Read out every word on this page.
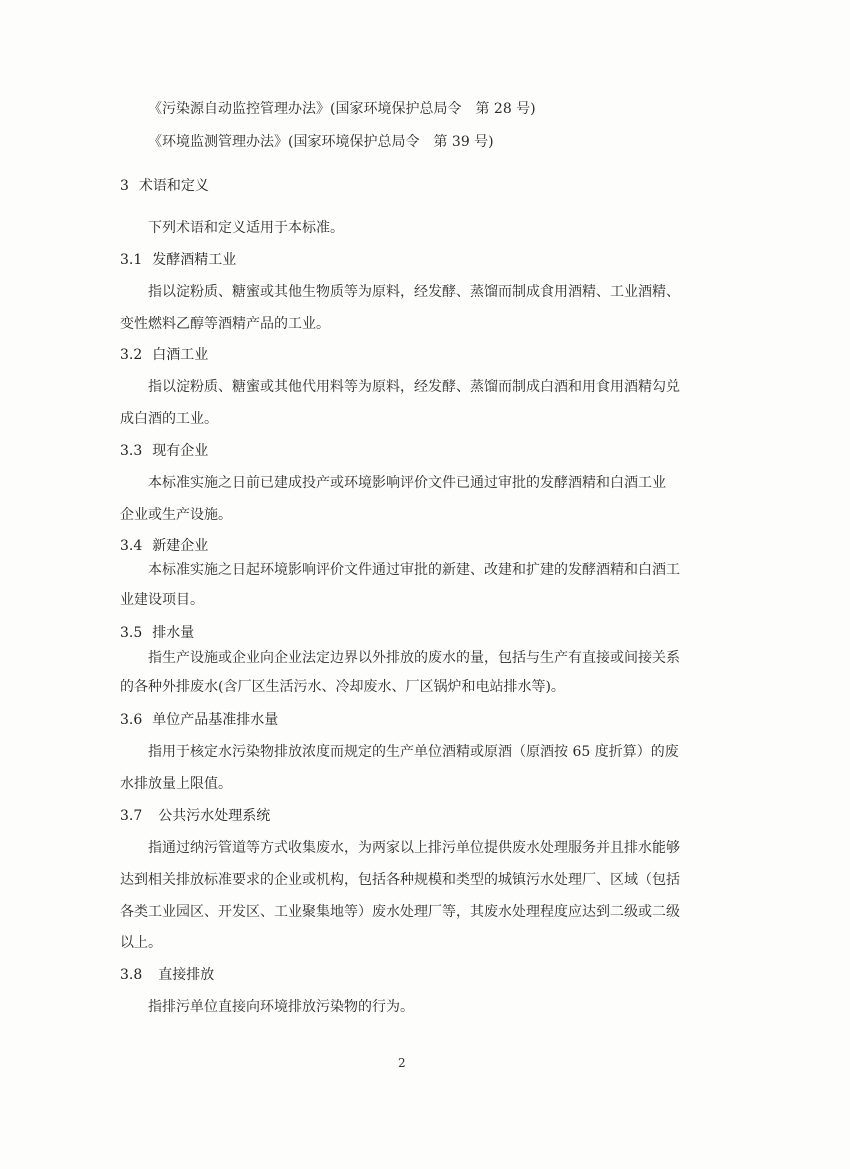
《污染源自动监控管理办法》(国家环境保护总局令　第 28 号)
《环境监测管理办法》(国家环境保护总局令　第 39 号)
3 术语和定义
下列术语和定义适用于本标准。
3.1 发酵酒精工业
指以淀粉质、糖蜜或其他生物质等为原料，经发酵、蒸馏而制成食用酒精、工业酒精、
变性燃料乙醇等酒精产品的工业。
3.2 白酒工业
指以淀粉质、糖蜜或其他代用料等为原料，经发酵、蒸馏而制成白酒和用食用酒精勾兑
成白酒的工业。
3.3 现有企业
本标准实施之日前已建成投产或环境影响评价文件已通过审批的发酵酒精和白酒工业
企业或生产设施。
3.4 新建企业
本标准实施之日起环境影响评价文件通过审批的新建、改建和扩建的发酵酒精和白酒工
业建设项目。
3.5 排水量
指生产设施或企业向企业法定边界以外排放的废水的量，包括与生产有直接或间接关系
的各种外排废水(含厂区生活污水、冷却废水、厂区锅炉和电站排水等)。
3.6 单位产品基准排水量
指用于核定水污染物排放浓度而规定的生产单位酒精或原酒（原酒按 65 度折算）的废
水排放量上限值。
3.7 公共污水处理系统
指通过纳污管道等方式收集废水，为两家以上排污单位提供废水处理服务并且排水能够
达到相关排放标准要求的企业或机构，包括各种规模和类型的城镇污水处理厂、区域（包括
各类工业园区、开发区、工业聚集地等）废水处理厂等，其废水处理程度应达到二级或二级
以上。
3.8 直接排放
指排污单位直接向环境排放污染物的行为。
2
